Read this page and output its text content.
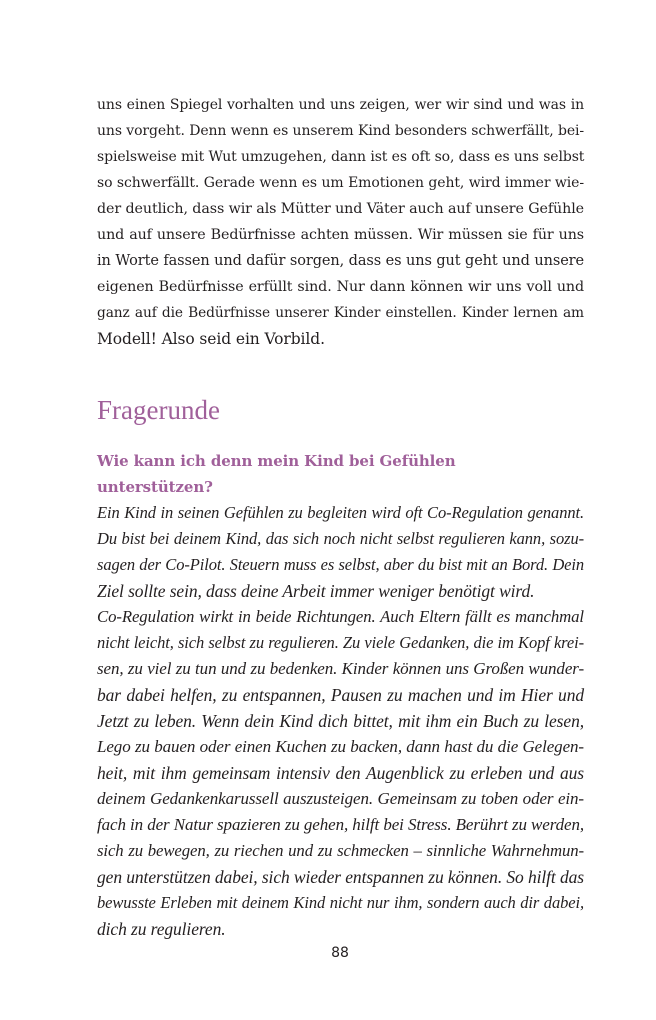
uns einen Spiegel vorhalten und uns zeigen, wer wir sind und was in
uns vorgeht. Denn wenn es unserem Kind besonders schwerfällt, bei-
spielsweise mit Wut umzugehen, dann ist es oft so, dass es uns selbst
so schwerfällt. Gerade wenn es um Emotionen geht, wird immer wie-
der deutlich, dass wir als Mütter und Väter auch auf unsere Gefühle
und auf unsere Bedürfnisse achten müssen. Wir müssen sie für uns
in Worte fassen und dafür sorgen, dass es uns gut geht und unsere
eigenen Bedürfnisse erfüllt sind. Nur dann können wir uns voll und
ganz auf die Bedürfnisse unserer Kinder einstellen. Kinder lernen am
Modell! Also seid ein Vorbild.
Fragerunde
Wie kann ich denn mein Kind bei Gefühlen
unterstützen?
Ein Kind in seinen Gefühlen zu begleiten wird oft Co-Regulation genannt.
Du bist bei deinem Kind, das sich noch nicht selbst regulieren kann, sozu-
sagen der Co-Pilot. Steuern muss es selbst, aber du bist mit an Bord. Dein
Ziel sollte sein, dass deine Arbeit immer weniger benötigt wird.
Co-Regulation wirkt in beide Richtungen. Auch Eltern fällt es manchmal
nicht leicht, sich selbst zu regulieren. Zu viele Gedanken, die im Kopf krei-
sen, zu viel zu tun und zu bedenken. Kinder können uns Großen wunder-
bar dabei helfen, zu entspannen, Pausen zu machen und im Hier und
Jetzt zu leben. Wenn dein Kind dich bittet, mit ihm ein Buch zu lesen,
Lego zu bauen oder einen Kuchen zu backen, dann hast du die Gelegen-
heit, mit ihm gemeinsam intensiv den Augenblick zu erleben und aus
deinem Gedankenkarussell auszusteigen. Gemeinsam zu toben oder ein-
fach in der Natur spazieren zu gehen, hilft bei Stress. Berührt zu werden,
sich zu bewegen, zu riechen und zu schmecken – sinnliche Wahrnehmun-
gen unterstützen dabei, sich wieder entspannen zu können. So hilft das
bewusste Erleben mit deinem Kind nicht nur ihm, sondern auch dir dabei,
dich zu regulieren.
88
